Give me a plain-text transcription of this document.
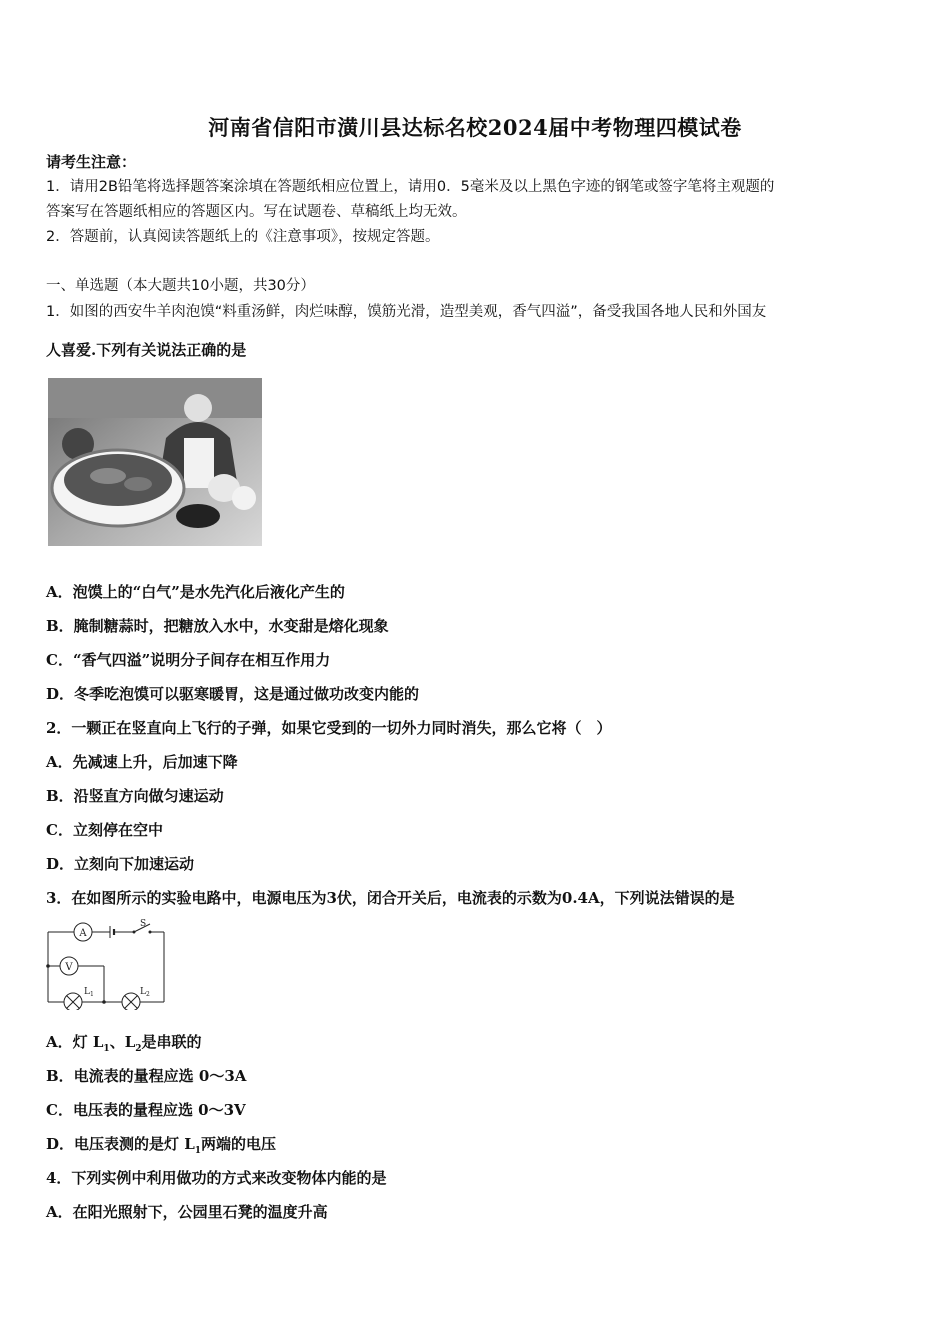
河南省信阳市潢川县达标名校2024届中考物理四模试卷
请考生注意：
1．请用2B铅笔将选择题答案涂填在答题纸相应位置上，请用0．5毫米及以上黑色字迹的钢笔或签字笔将主观题的
答案写在答题纸相应的答题区内。写在试题卷、草稿纸上均无效。
2．答题前，认真阅读答题纸上的《注意事项》，按规定答题。
一、单选题（本大题共10小题，共30分）
1．如图的西安牛羊肉泡馍“料重汤鲜，肉烂味醇，馍筋光滑，造型美观，香气四溢”，备受我国各地人民和外国友
人喜爱.下列有关说法正确的是
A．泡馍上的“白气”是水先汽化后液化产生的
B．腌制糖蒜时，把糖放入水中，水变甜是熔化现象
C．“香气四溢”说明分子间存在相互作用力
D．冬季吃泡馍可以驱寒暖胃，这是通过做功改变内能的
2．一颗正在竖直向上飞行的子弹，如果它受到的一切外力同时消失，那么它将（　）
A．先减速上升，后加速下降
B．沿竖直方向做匀速运动
C．立刻停在空中
D．立刻向下加速运动
3．在如图所示的实验电路中，电源电压为3伏，闭合开关后，电流表的示数为0.4A，下列说法错误的是
A
S
V
$L_1$	$L_2$
A．灯 $L_1$、$L_2$是串联的
B．电流表的量程应选 0～3A
C．电压表的量程应选 0～3V
D．电压表测的是灯 $L_1$两端的电压
4．下列实例中利用做功的方式来改变物体内能的是
A．在阳光照射下，公园里石凳的温度升高
